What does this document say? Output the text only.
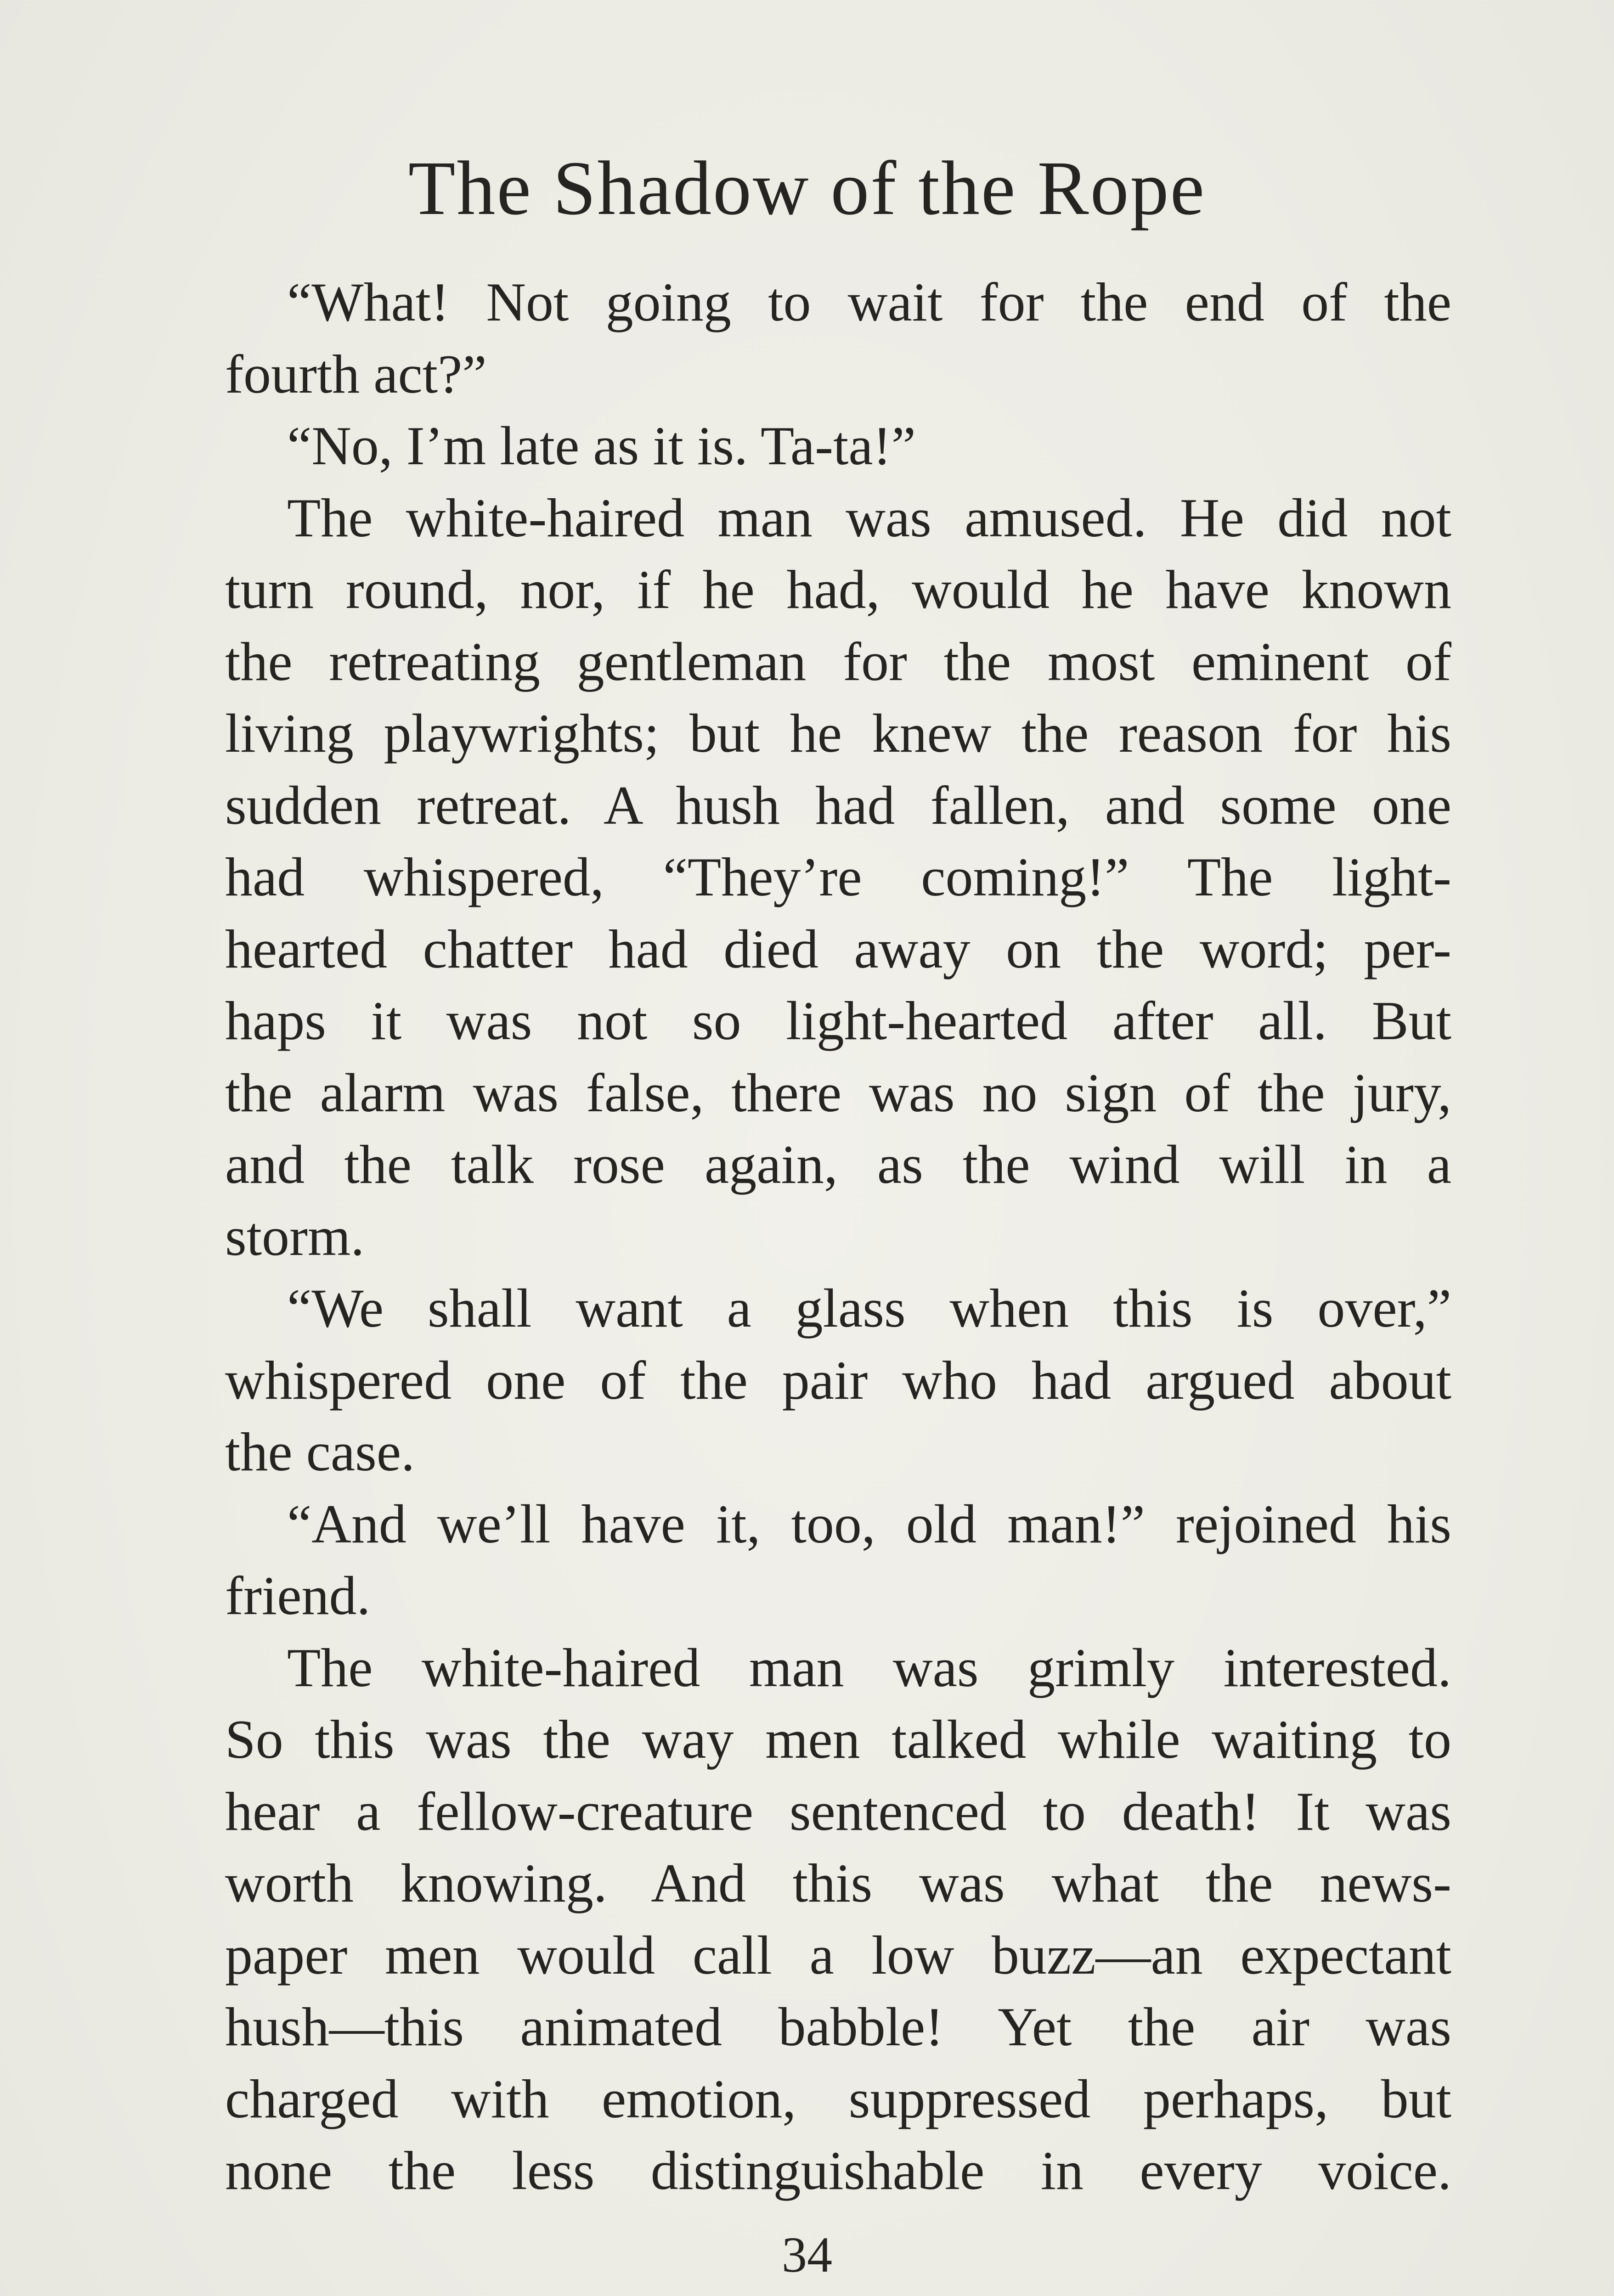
The Shadow of the Rope
“What! Not going to wait for the end of the
fourth act?”
“No, I’m late as it is. Ta-ta!”
The white-haired man was amused. He did not
turn round, nor, if he had, would he have known
the retreating gentleman for the most eminent of
living playwrights; but he knew the reason for his
sudden retreat. A hush had fallen, and some one
had whispered, “They’re coming!” The light-
hearted chatter had died away on the word; per-
haps it was not so light-hearted after all. But
the alarm was false, there was no sign of the jury,
and the talk rose again, as the wind will in a
storm.
“We shall want a glass when this is over,”
whispered one of the pair who had argued about
the case.
“And we’ll have it, too, old man!” rejoined his
friend.
The white-haired man was grimly interested.
So this was the way men talked while waiting to
hear a fellow-creature sentenced to death! It was
worth knowing. And this was what the news-
paper men would call a low buzz—an expectant
hush—this animated babble! Yet the air was
charged with emotion, suppressed perhaps, but
none the less distinguishable in every voice.
34
